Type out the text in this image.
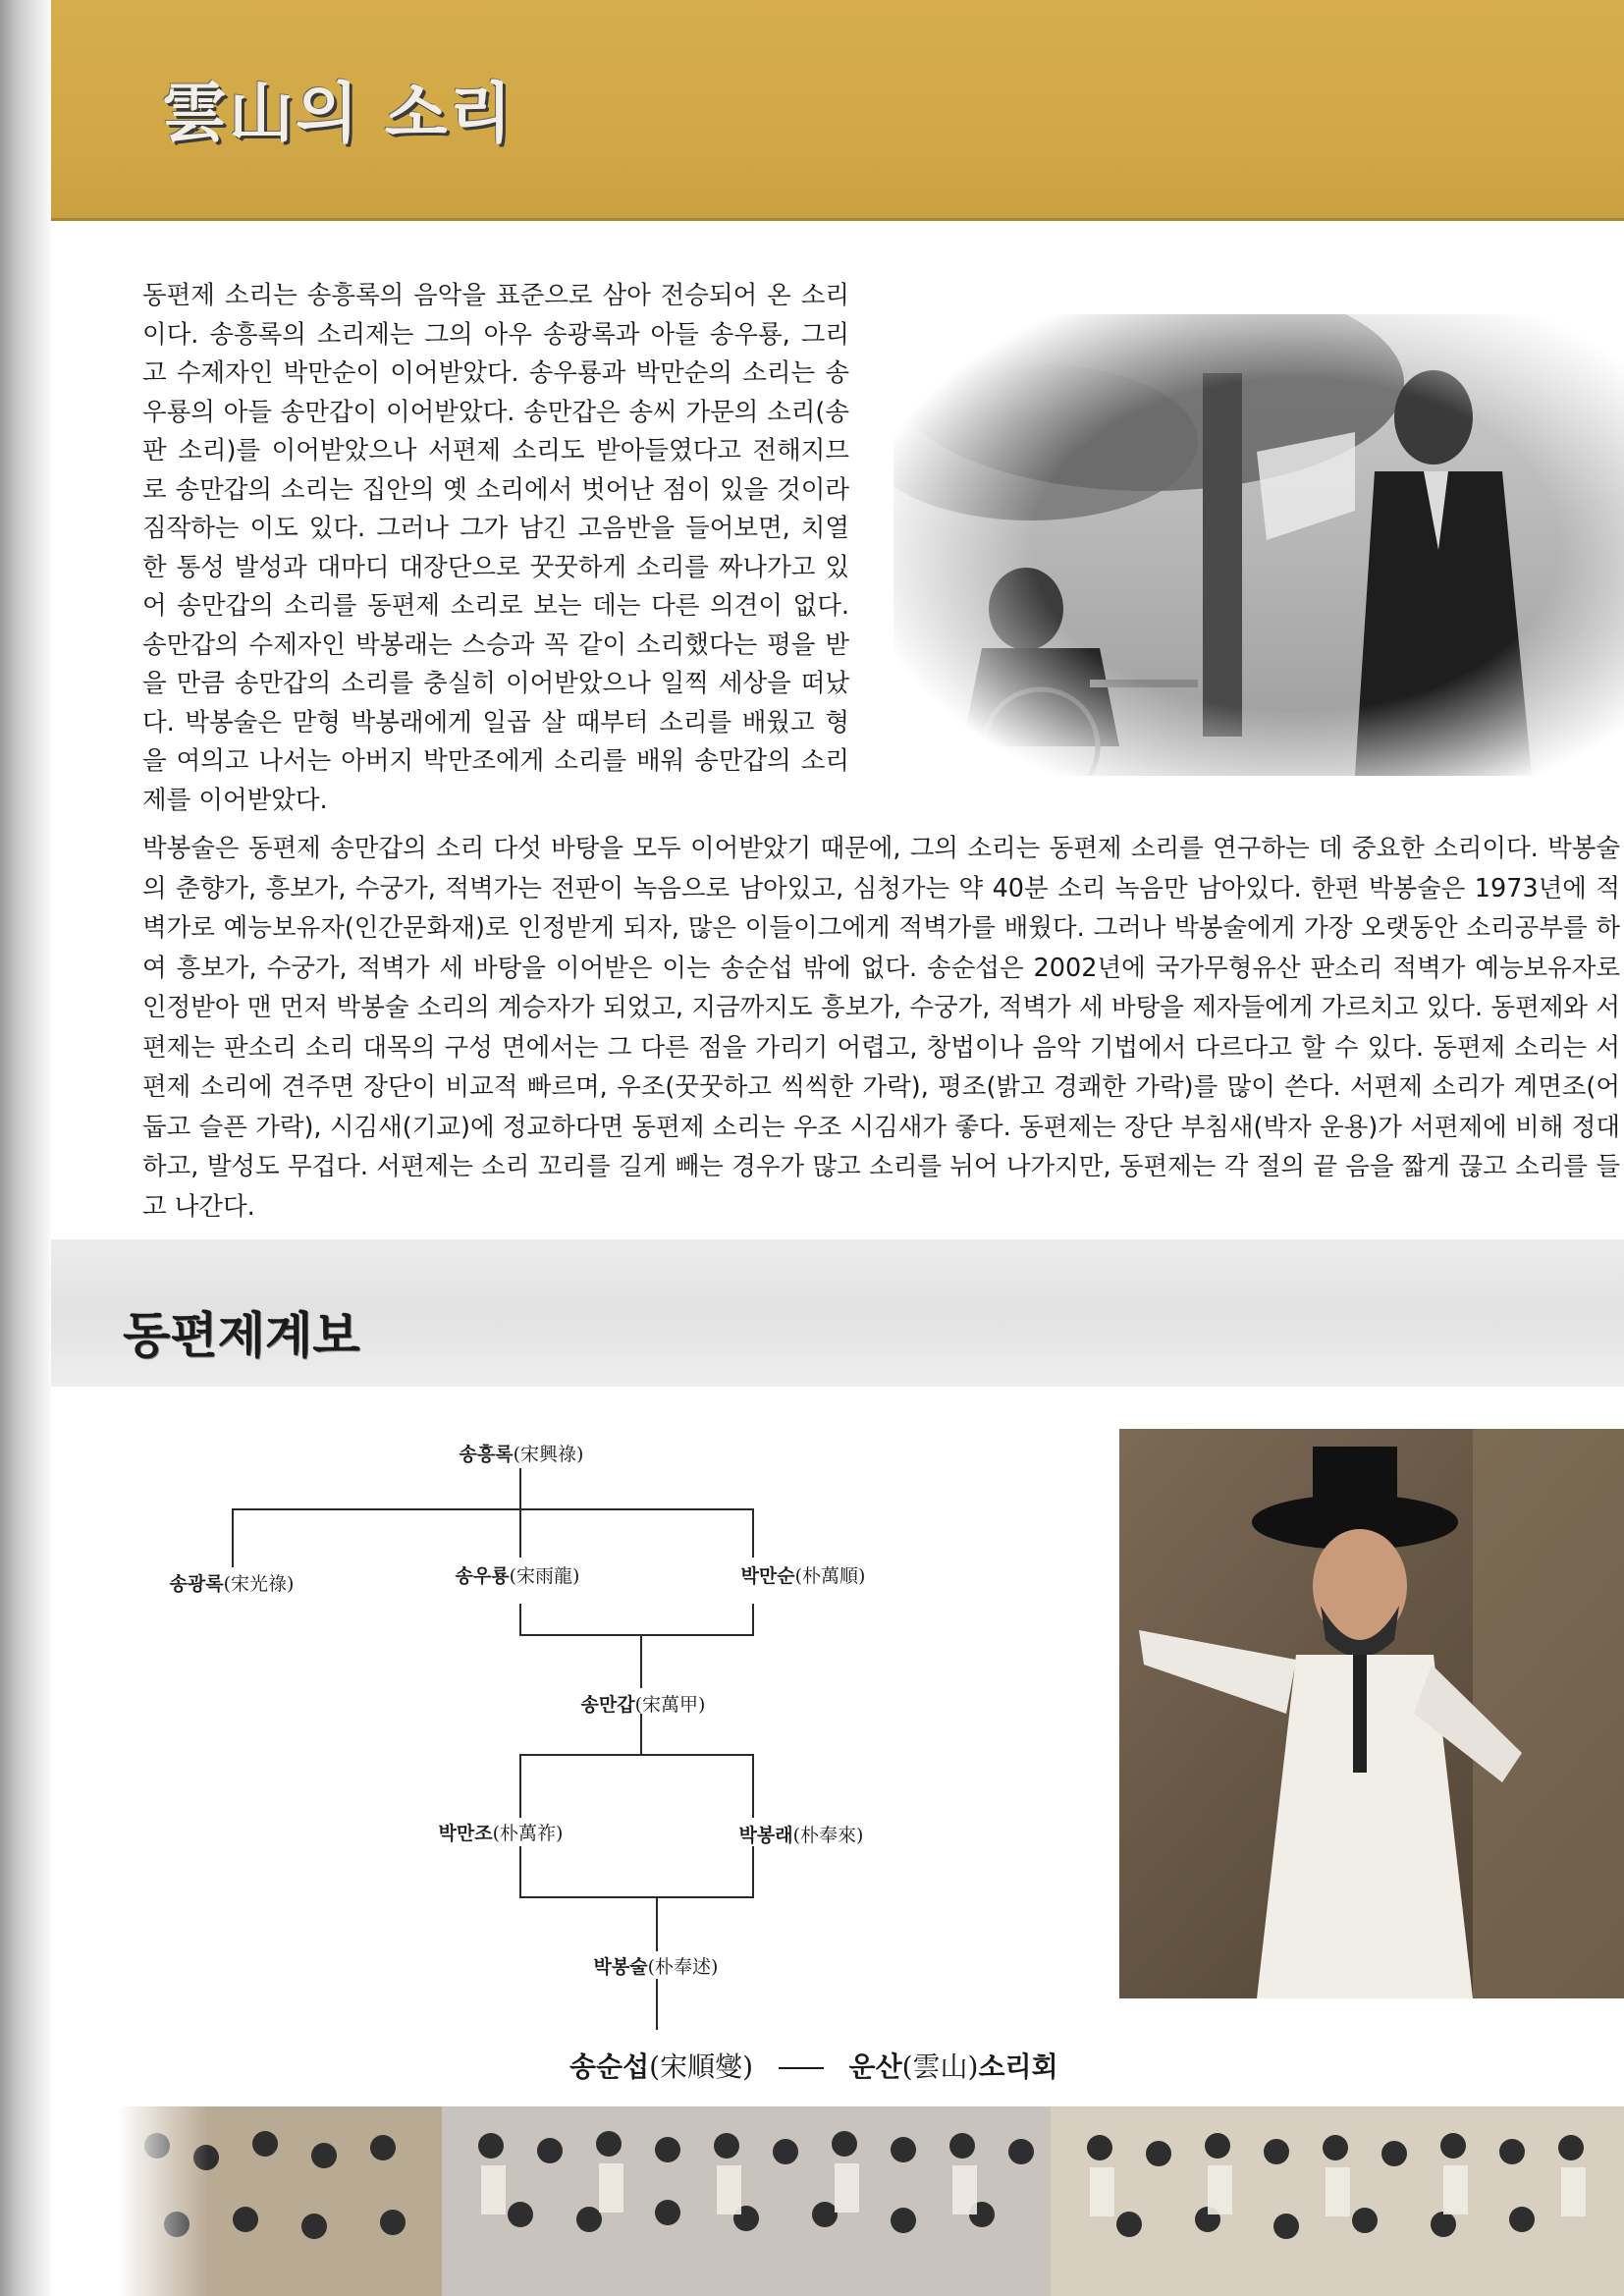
雲山의 소리
동편제 소리는 송흥록의 음악을 표준으로 삼아 전승되어 온 소리이다. 송흥록의 소리제는 그의 아우 송광록과 아들 송우룡, 그리고 수제자인 박만순이 이어받았다. 송우룡과 박만순의 소리는 송우룡의 아들 송만갑이 이어받았다. 송만갑은 송씨 가문의 소리(송판 소리)를 이어받았으나 서편제 소리도 받아들였다고 전해지므로 송만갑의 소리는 집안의 옛 소리에서 벗어난 점이 있을 것이라 짐작하는 이도 있다. 그러나 그가 남긴 고음반을 들어보면, 치열한 통성 발성과 대마디 대장단으로 꿋꿋하게 소리를 짜나가고 있어 송만갑의 소리를 동편제 소리로 보는 데는 다른 의견이 없다. 송만갑의 수제자인 박봉래는 스승과 꼭 같이 소리했다는 평을 받을 만큼 송만갑의 소리를 충실히 이어받았으나 일찍 세상을 떠났다. 박봉술은 맏형 박봉래에게 일곱 살 때부터 소리를 배웠고 형을 여의고 나서는 아버지 박만조에게 소리를 배워 송만갑의 소리제를 이어받았다.
박봉술은 동편제 송만갑의 소리 다섯 바탕을 모두 이어받았기 때문에, 그의 소리는 동편제 소리를 연구하는 데 중요한 소리이다. 박봉술의 춘향가, 흥보가, 수궁가, 적벽가는 전판이 녹음으로 남아있고, 심청가는 약 40분 소리 녹음만 남아있다. 한편 박봉술은 1973년에 적벽가로 예능보유자(인간문화재)로 인정받게 되자, 많은 이들이그에게 적벽가를 배웠다. 그러나 박봉술에게 가장 오랫동안 소리공부를 하여 흥보가, 수궁가, 적벽가 세 바탕을 이어받은 이는 송순섭 밖에 없다. 송순섭은 2002년에 국가무형유산 판소리 적벽가 예능보유자로 인정받아 맨 먼저 박봉술 소리의 계승자가 되었고, 지금까지도 흥보가, 수궁가, 적벽가 세 바탕을 제자들에게 가르치고 있다. 동편제와 서편제는 판소리 소리 대목의 구성 면에서는 그 다른 점을 가리기 어렵고, 창법이나 음악 기법에서 다르다고 할 수 있다. 동편제 소리는 서편제 소리에 견주면 장단이 비교적 빠르며, 우조(꿋꿋하고 씩씩한 가락), 평조(밝고 경쾌한 가락)를 많이 쓴다. 서편제 소리가 계면조(어둡고 슬픈 가락), 시김새(기교)에 정교하다면 동편제 소리는 우조 시김새가 좋다. 동편제는 장단 부침새(박자 운용)가 서편제에 비해 정대하고, 발성도 무겁다. 서편제는 소리 꼬리를 길게 빼는 경우가 많고 소리를 뉘어 나가지만, 동편제는 각 절의 끝 음을 짧게 끊고 소리를 들고 나간다.
동편제계보
송흥록(宋興祿)
송광록(宋光祿)	송우룡(宋雨龍)	박만순(朴萬順)
송만갑(宋萬甲)
박만조(朴萬祚)	박봉래(朴奉來)
박봉술(朴奉述)
송순섭(宋順燮)	운산(雲山)소리회
